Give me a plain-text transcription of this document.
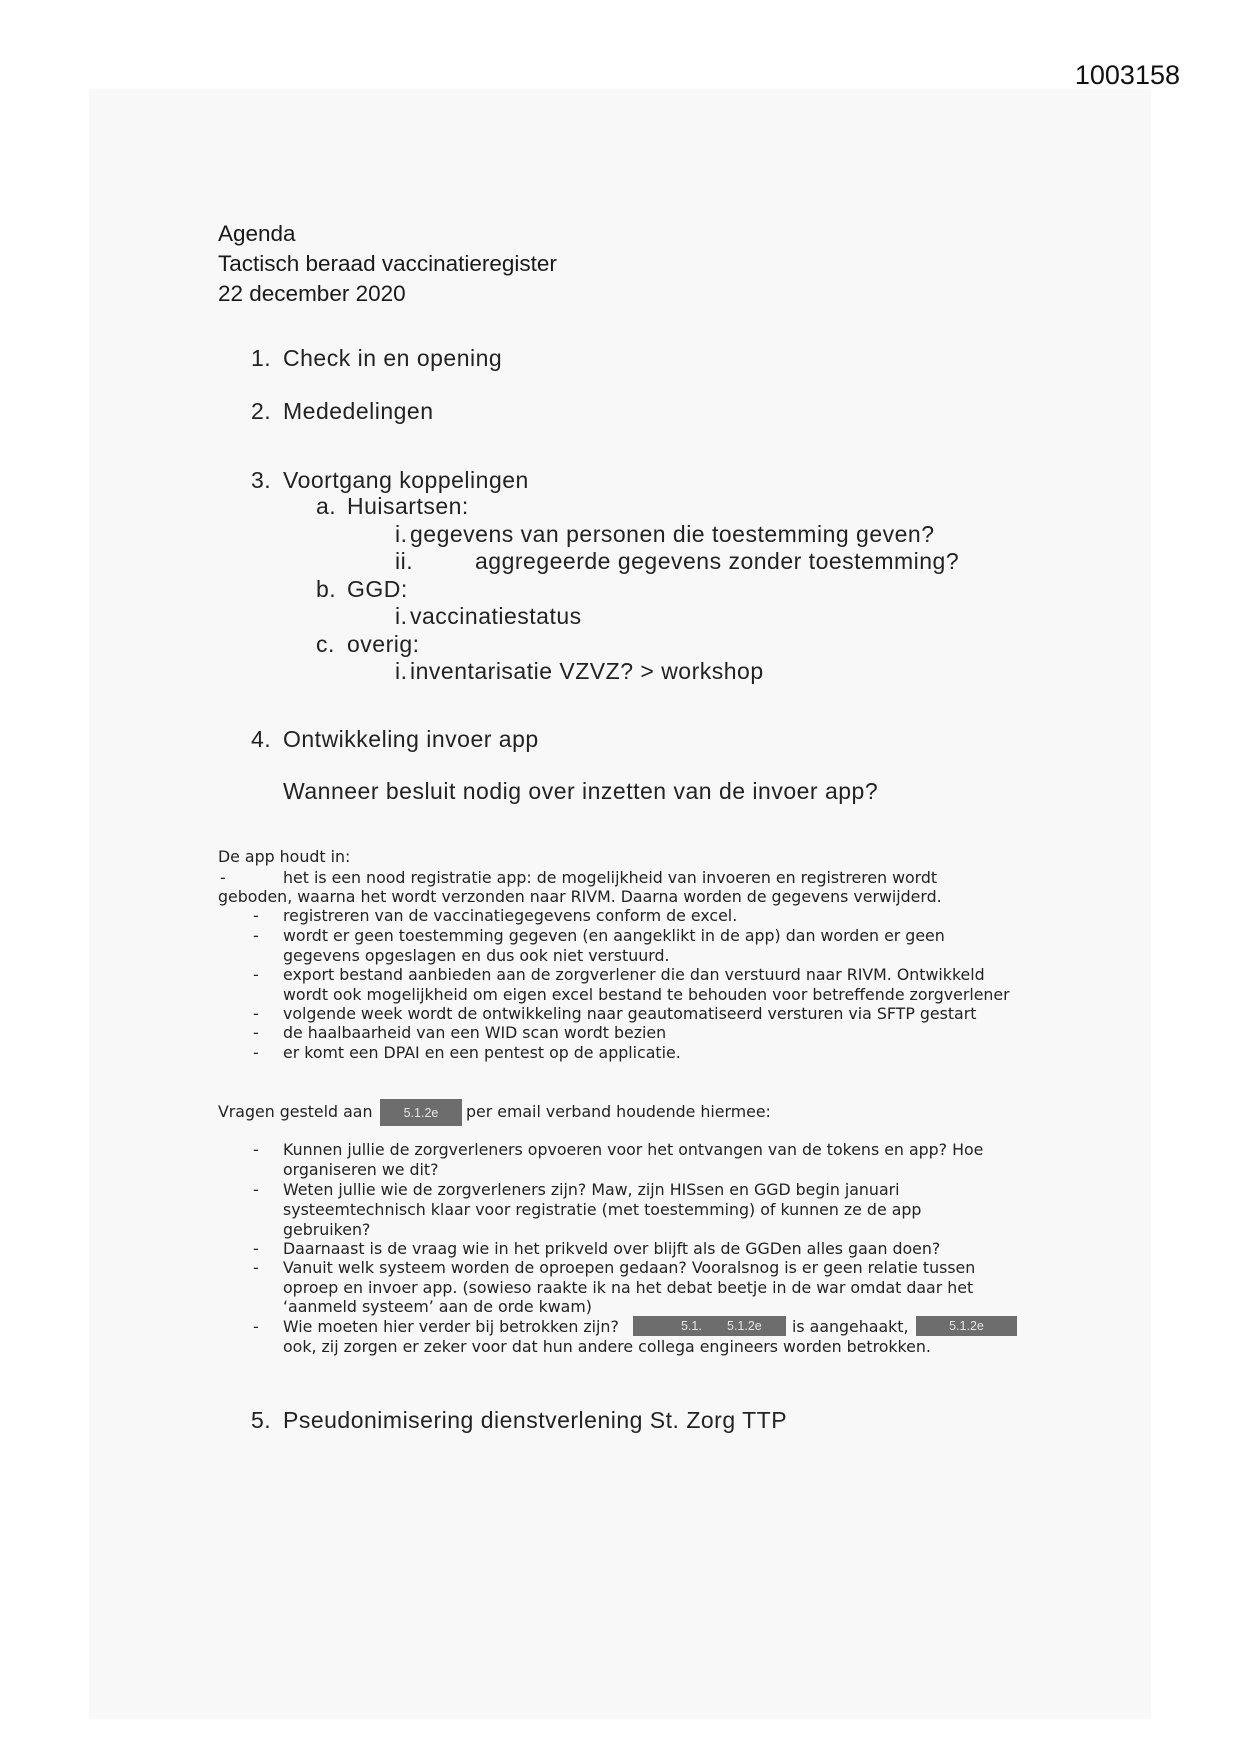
1003158
Agenda
Tactisch beraad vaccinatieregister
22 december 2020
1. Check in en opening
2. Mededelingen
3. Voortgang koppelingen
a. Huisartsen:
i. gegevens van personen die toestemming geven?
ii.	aggregeerde gegevens zonder toestemming?
b. GGD:
i. vaccinatiestatus
c. overig:
i. inventarisatie VZVZ? > workshop
4. Ontwikkeling invoer app
Wanneer besluit nodig over inzetten van de invoer app?
De app houdt in:
-	het is een nood registratie app: de mogelijkheid van invoeren en registreren wordt
geboden, waarna het wordt verzonden naar RIVM. Daarna worden de gegevens verwijderd.
- registreren van de vaccinatiegegevens conform de excel.
- wordt er geen toestemming gegeven (en aangeklikt in de app) dan worden er geen
gegevens opgeslagen en dus ook niet verstuurd.
- export bestand aanbieden aan de zorgverlener die dan verstuurd naar RIVM. Ontwikkeld
wordt ook mogelijkheid om eigen excel bestand te behouden voor betreffende zorgverlener
- volgende week wordt de ontwikkeling naar geautomatiseerd versturen via SFTP gestart
- de haalbaarheid van een WID scan wordt bezien
- er komt een DPAI en een pentest op de applicatie.
Vragen gesteld aan 5.1.2e per email verband houdende hiermee:
- Kunnen jullie de zorgverleners opvoeren voor het ontvangen van de tokens en app? Hoe
organiseren we dit?
- Weten jullie wie de zorgverleners zijn? Maw, zijn HISsen en GGD begin januari
systeemtechnisch klaar voor registratie (met toestemming) of kunnen ze de app
gebruiken?
- Daarnaast is de vraag wie in het prikveld over blijft als de GGDen alles gaan doen?
- Vanuit welk systeem worden de oproepen gedaan? Vooralsnog is er geen relatie tussen
oproep en invoer app. (sowieso raakte ik na het debat beetje in de war omdat daar het
‘aanmeld systeem’ aan de orde kwam)
- Wie moeten hier verder bij betrokken zijn?	5.1. 5.1.2e is aangehaakt,	5.1.2e
ook, zij zorgen er zeker voor dat hun andere collega engineers worden betrokken.
5. Pseudonimisering dienstverlening St. Zorg TTP
